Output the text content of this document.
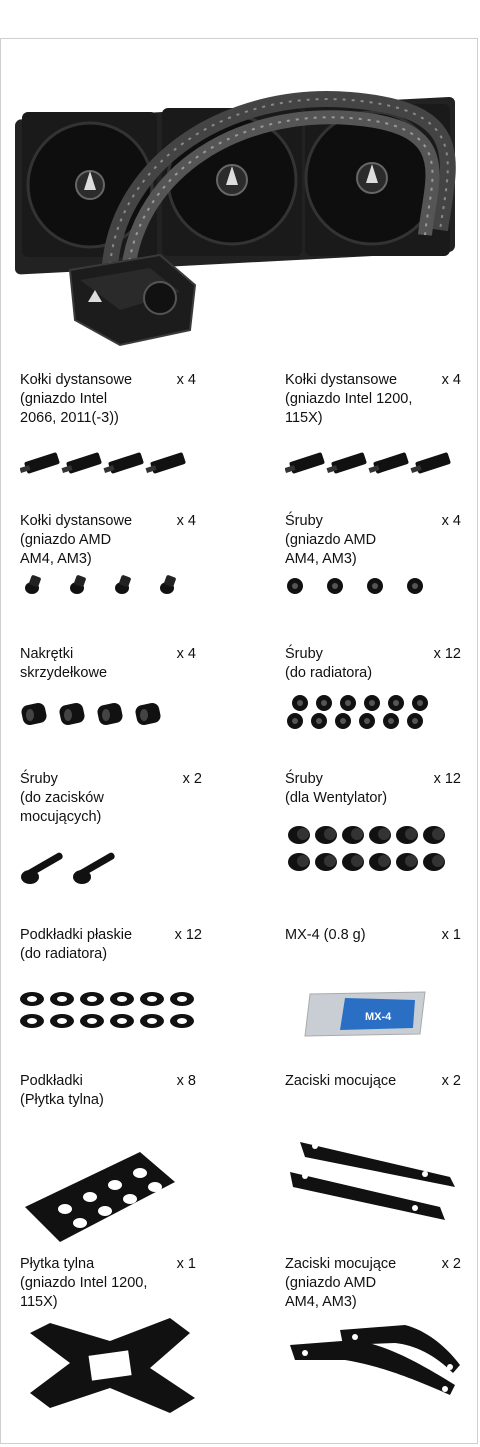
Kołki dystansowe
(gniazdo Intel
2066, 2011(-3))
x 4	Kołki dystansowe
(gniazdo Intel 1200,
115X)
x 4
Kołki dystansowe
(gniazdo AMD
AM4, AM3)
x 4	Śruby
(gniazdo AMD
AM4, AM3)
x 4
Nakrętki
skrzydełkowe
x 4	Śruby
(do radiatora)
x 12
Śruby
(do zacisków mocujących)
x 2	Śruby
(dla Wentylator)
x 12
Podkładki płaskie
(do radiatora)
x 12	MX-4 (0.8 g)	x 1
MX-4
Podkładki
(Płytka tylna)
x 8	Zaciski mocujące	x 2
Płytka tylna
(gniazdo Intel 1200,
115X)
x 1	Zaciski mocujące
(gniazdo AMD
AM4, AM3)
x 2
